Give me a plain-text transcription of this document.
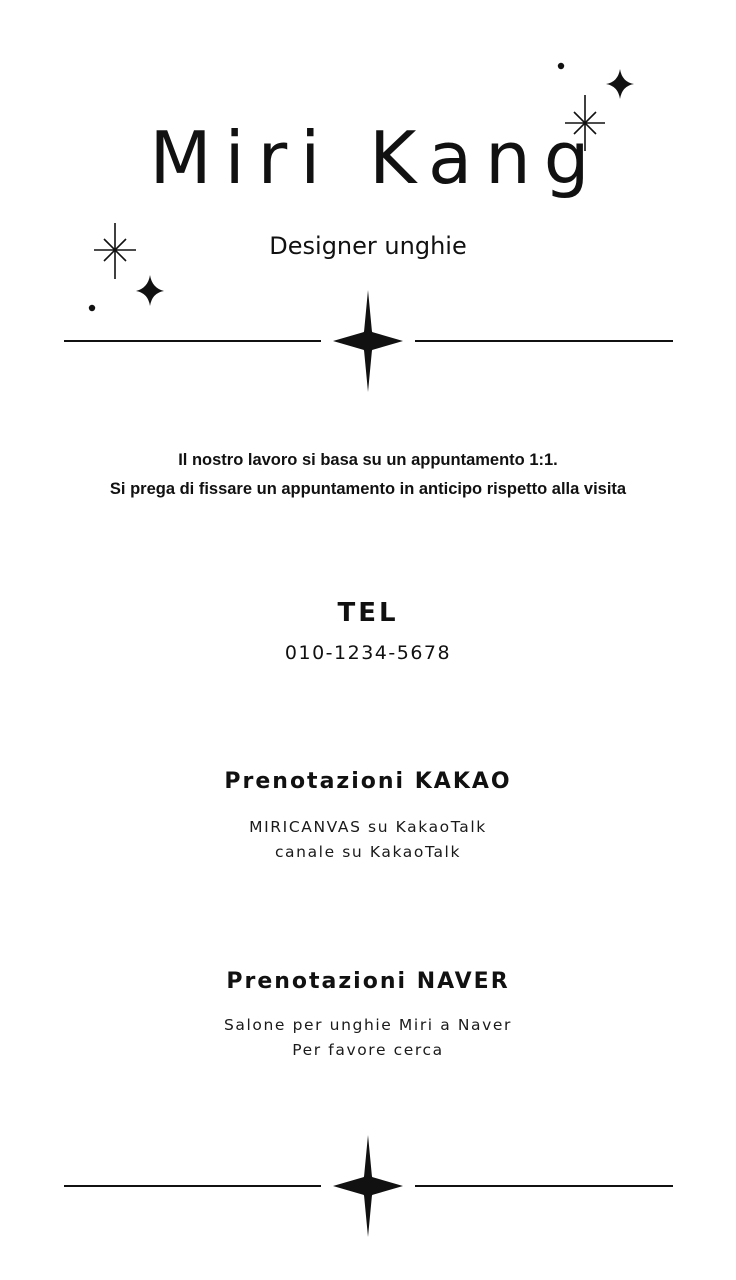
Miri Kang
Designer unghie
Il nostro lavoro si basa su un appuntamento 1:1.
Si prega di fissare un appuntamento in anticipo rispetto alla visita
TEL
010-1234-5678
Prenotazioni KAKAO
MIRICANVAS su KakaoTalk
canale su KakaoTalk
Prenotazioni NAVER
Salone per unghie Miri a Naver
Per favore cerca
